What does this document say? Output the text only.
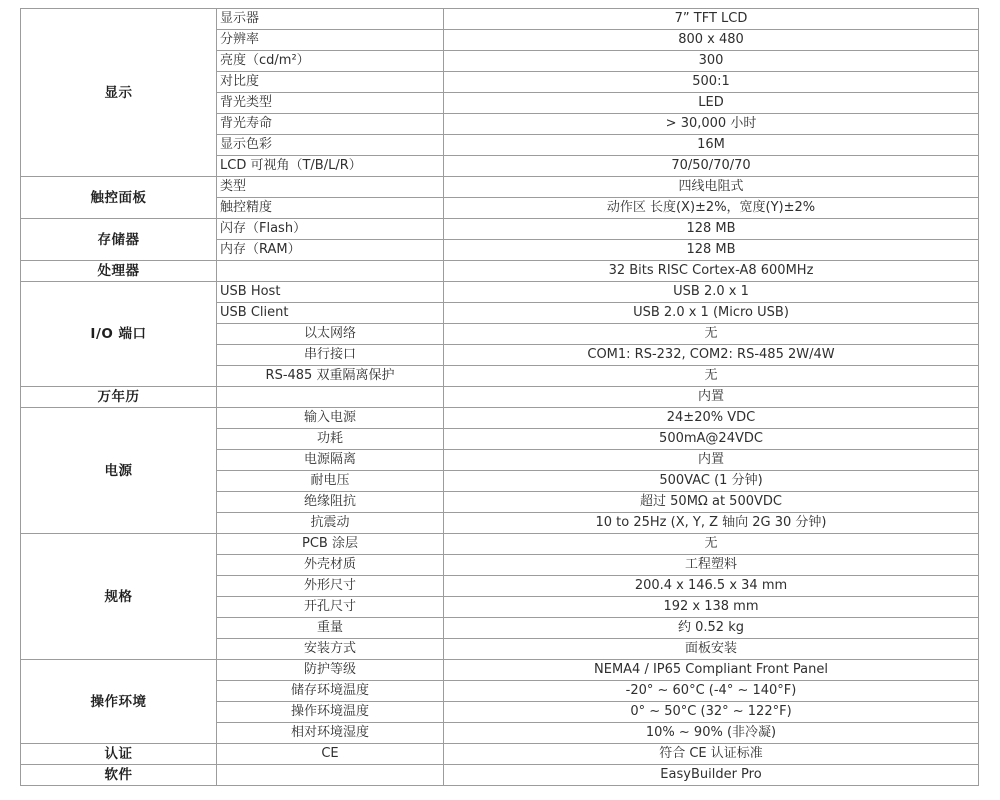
显示	显示器	7” TFT LCD
	分辨率	800 x 480
	亮度（cd/m²）	300
	对比度	500:1
	背光类型	LED
	背光寿命	> 30,000 小时
	显示色彩	16M
	LCD 可视角（T/B/L/R）	70/50/70/70
触控面板	类型	四线电阻式
	触控精度	动作区 长度(X)±2%，宽度(Y)±2%
存储器	闪存（Flash）	128 MB
	内存（RAM）	128 MB
处理器		32 Bits RISC Cortex-A8 600MHz
I/O 端口	USB Host	USB 2.0 x 1
	USB Client	USB 2.0 x 1 (Micro USB)
	以太网络	无
	串行接口	COM1: RS-232, COM2: RS-485 2W/4W
	RS-485 双重隔离保护	无
万年历		内置
电源	输入电源	24±20% VDC
	功耗	500mA@24VDC
	电源隔离	内置
	耐电压	500VAC (1 分钟)
	绝缘阻抗	超过 50MΩ at 500VDC
	抗震动	10 to 25Hz (X, Y, Z 轴向 2G 30 分钟)
规格	PCB 涂层	无
	外壳材质	工程塑料
	外形尺寸	200.4 x 146.5 x 34 mm
	开孔尺寸	192 x 138 mm
	重量	约 0.52 kg
	安装方式	面板安装
操作环境	防护等级	NEMA4 / IP65 Compliant Front Panel
	储存环境温度	-20° ~ 60°C (-4° ~ 140°F)
	操作环境温度	0° ~ 50°C (32° ~ 122°F)
	相对环境湿度	10% ~ 90% (非冷凝)
认证	CE	符合 CE 认证标准
软件		EasyBuilder Pro
